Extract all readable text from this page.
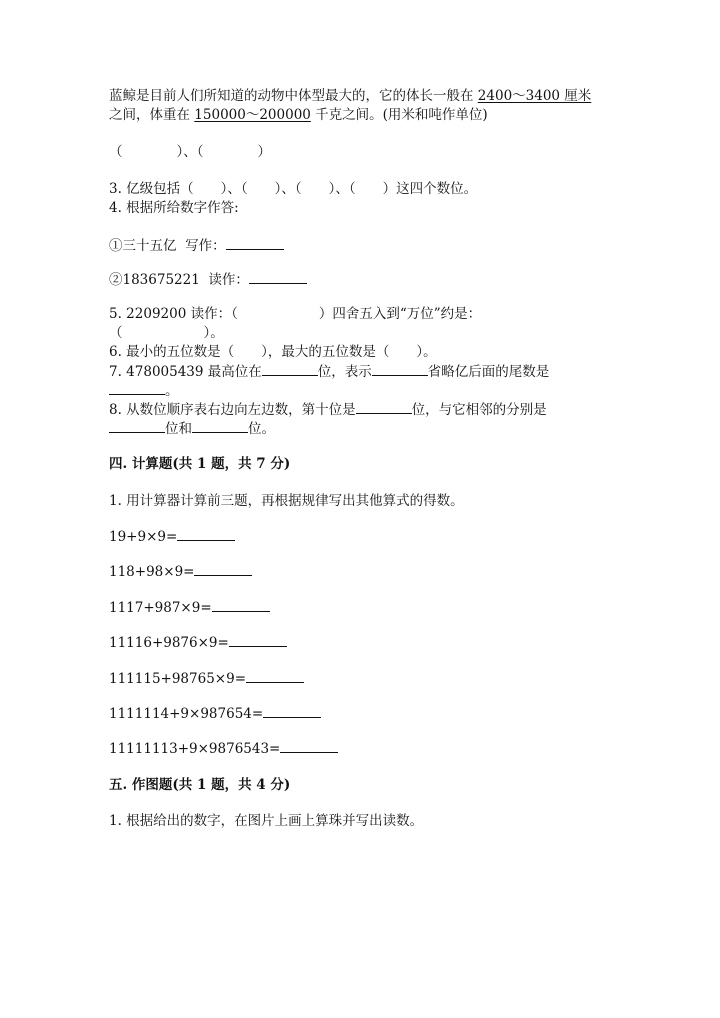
蓝鲸是目前人们所知道的动物中体型最大的，它的体长一般在 2400～3400 厘米
之间，体重在 150000～200000 千克之间。(用米和吨作单位)
（　　　　）、（　　　　）
3. 亿级包括（　　）、（　　）、（　　）、（　　）这四个数位。
4. 根据所给数字作答:
①三十五亿  写作：
②183675221  读作：
5. 2209200 读作：（　　　　　　）四舍五入到“万位”约是：
（　　　　　　）。
6. 最小的五位数是（　　），最大的五位数是（　　）。
7. 478005439 最高位在	位，表示	省略亿后面的尾数是
。
8. 从数位顺序表右边向左边数，第十位是	位，与它相邻的分别是
位和	位。
四. 计算题(共 1 题，共 7 分)
1. 用计算器计算前三题，再根据规律写出其他算式的得数。
19+9×9=
118+98×9=
1117+987×9=
11116+9876×9=
111115+98765×9=
1111114+9×987654=
11111113+9×9876543=
五. 作图题(共 1 题，共 4 分)
1. 根据给出的数字，在图片上画上算珠并写出读数。
